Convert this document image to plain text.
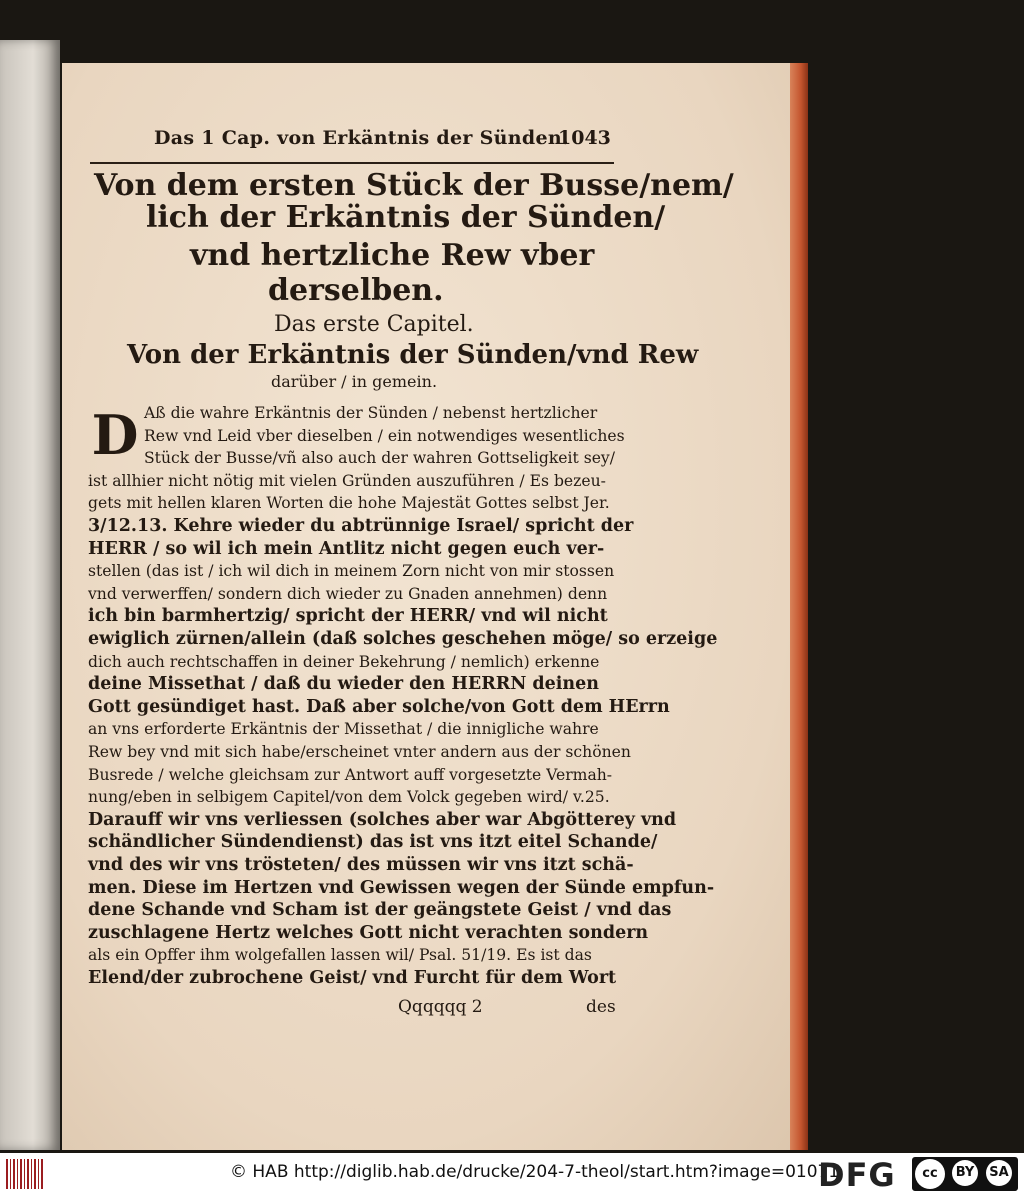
Das 1 Cap. von Erkäntnis der Sünden.
1043
Von dem ersten Stück der Busse/nem/
lich der Erkäntnis der Sünden/
vnd hertzliche Rew vber
derselben.
Das erste Capitel.
Von der Erkäntnis der Sünden/vnd Rew
darüber / in gemein.
D Aß die wahre Erkäntnis der Sünden / nebenst hertzlicher
Rew vnd Leid vber dieselben / ein notwendiges wesentliches
Stück der Busse/vñ also auch der wahren Gottseligkeit sey/
ist allhier nicht nötig mit vielen Gründen auszuführen / Es bezeu-
gets mit hellen klaren Worten die hohe Majestät Gottes selbst Jer.
3/12.13. Kehre wieder du abtrünnige Israel/ spricht der
HERR / so wil ich mein Antlitz nicht gegen euch ver-
stellen (das ist / ich wil dich in meinem Zorn nicht von mir stossen
vnd verwerffen/ sondern dich wieder zu Gnaden annehmen) denn
ich bin barmhertzig/ spricht der HERR/ vnd wil nicht
ewiglich zürnen/allein (daß solches geschehen möge/ so erzeige
dich auch rechtschaffen in deiner Bekehrung / nemlich) erkenne
deine Missethat / daß du wieder den HERRN deinen
Gott gesündiget hast. Daß aber solche/von Gott dem HErrn
an vns erforderte Erkäntnis der Missethat / die innigliche wahre
Rew bey vnd mit sich habe/erscheinet vnter andern aus der schönen
Busrede / welche gleichsam zur Antwort auff vorgesetzte Vermah-
nung/eben in selbigem Capitel/von dem Volck gegeben wird/ v.25.
Darauff wir vns verliessen (solches aber war Abgötterey vnd
schändlicher Sündendienst) das ist vns itzt eitel Schande/
vnd des wir vns trösteten/ des müssen wir vns itzt schä-
men. Diese im Hertzen vnd Gewissen wegen der Sünde empfun-
dene Schande vnd Scham ist der geängstete Geist / vnd das
zuschlagene Hertz welches Gott nicht verachten sondern
als ein Opffer ihm wolgefallen lassen wil/ Psal. 51/19. Es ist das
Elend/der zubrochene Geist/ vnd Furcht für dem Wort
Qqqqqq 2	des
© HAB http://diglib.hab.de/drucke/204-7-theol/start.htm?image=01071
DFG	cc	BY SA
